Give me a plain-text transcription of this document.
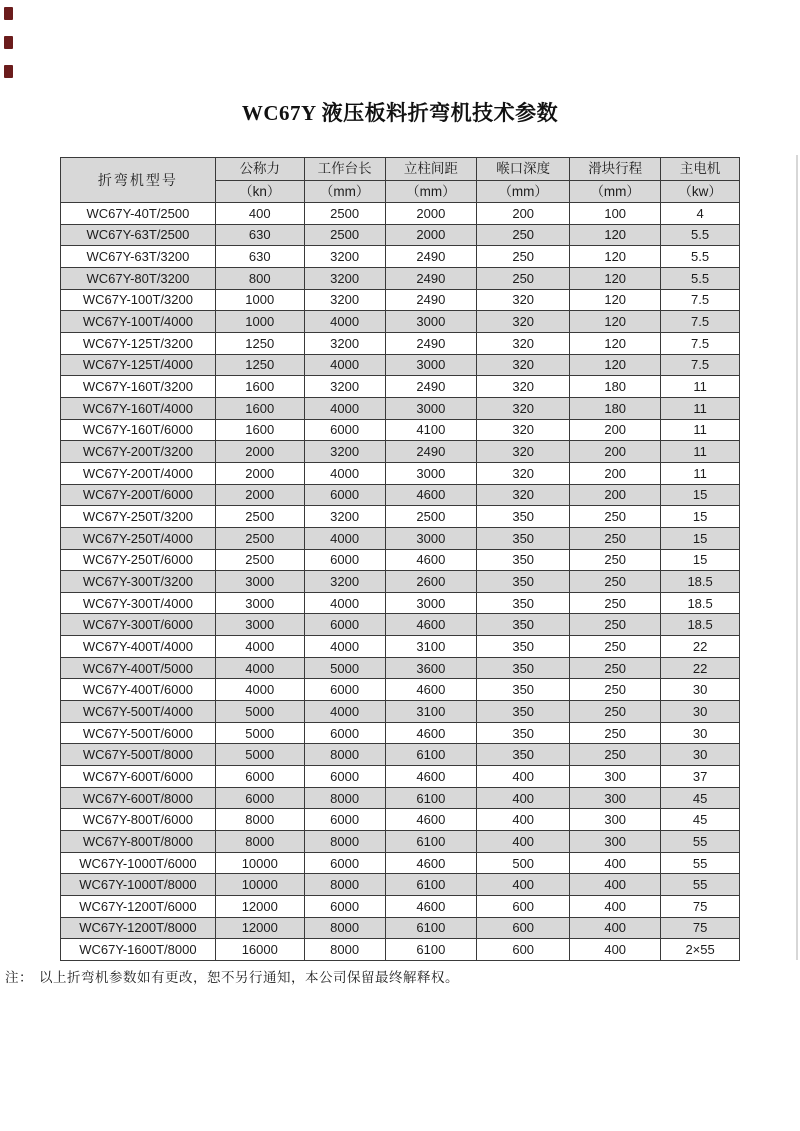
WC67Y 液压板料折弯机技术参数
折弯机型号	公称力	工作台长	立柱间距	喉口深度	滑块行程	主电机
	（kn）	（mm）	（mm）	（mm）	（mm）	（kw）
WC67Y-40T/2500	400	2500	2000	200	100	4
WC67Y-63T/2500	630	2500	2000	250	120	5.5
WC67Y-63T/3200	630	3200	2490	250	120	5.5
WC67Y-80T/3200	800	3200	2490	250	120	5.5
WC67Y-100T/3200	1000	3200	2490	320	120	7.5
WC67Y-100T/4000	1000	4000	3000	320	120	7.5
WC67Y-125T/3200	1250	3200	2490	320	120	7.5
WC67Y-125T/4000	1250	4000	3000	320	120	7.5
WC67Y-160T/3200	1600	3200	2490	320	180	11
WC67Y-160T/4000	1600	4000	3000	320	180	11
WC67Y-160T/6000	1600	6000	4100	320	200	11
WC67Y-200T/3200	2000	3200	2490	320	200	11
WC67Y-200T/4000	2000	4000	3000	320	200	11
WC67Y-200T/6000	2000	6000	4600	320	200	15
WC67Y-250T/3200	2500	3200	2500	350	250	15
WC67Y-250T/4000	2500	4000	3000	350	250	15
WC67Y-250T/6000	2500	6000	4600	350	250	15
WC67Y-300T/3200	3000	3200	2600	350	250	18.5
WC67Y-300T/4000	3000	4000	3000	350	250	18.5
WC67Y-300T/6000	3000	6000	4600	350	250	18.5
WC67Y-400T/4000	4000	4000	3100	350	250	22
WC67Y-400T/5000	4000	5000	3600	350	250	22
WC67Y-400T/6000	4000	6000	4600	350	250	30
WC67Y-500T/4000	5000	4000	3100	350	250	30
WC67Y-500T/6000	5000	6000	4600	350	250	30
WC67Y-500T/8000	5000	8000	6100	350	250	30
WC67Y-600T/6000	6000	6000	4600	400	300	37
WC67Y-600T/8000	6000	8000	6100	400	300	45
WC67Y-800T/6000	8000	6000	4600	400	300	45
WC67Y-800T/8000	8000	8000	6100	400	300	55
WC67Y-1000T/6000	10000	6000	4600	500	400	55
WC67Y-1000T/8000	10000	8000	6100	400	400	55
WC67Y-1200T/6000	12000	6000	4600	600	400	75
WC67Y-1200T/8000	12000	8000	6100	600	400	75
WC67Y-1600T/8000	16000	8000	6100	600	400	2×55
注： 以上折弯机参数如有更改，恕不另行通知，本公司保留最终解释权。
